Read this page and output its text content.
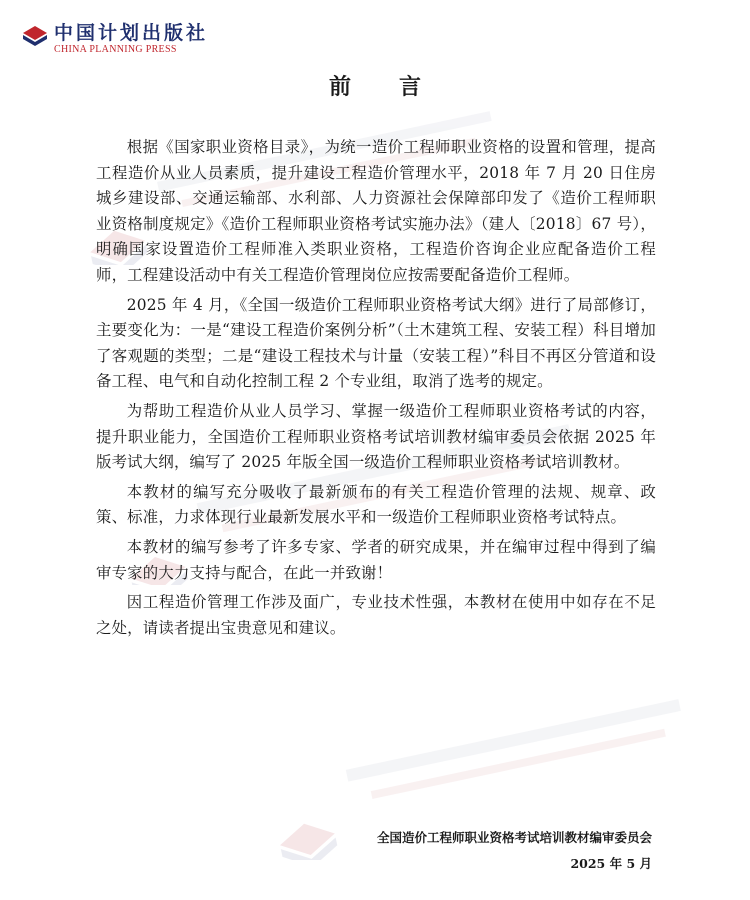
中国计划出版社
CHINA PLANNING PRESS
前言

根据《国家职业资格目录》，为统一造价工程师职业资格的设置和管理，提高工程造价从业人员素质，提升建设工程造价管理水平，2018 年 7 月 20 日住房城乡建设部、交通运输部、水利部、人力资源社会保障部印发了《造价工程师职业资格制度规定》《造价工程师职业资格考试实施办法》（建人〔2018〕67 号），明确国家设置造价工程师准入类职业资格，工程造价咨询企业应配备造价工程师，工程建设活动中有关工程造价管理岗位应按需要配备造价工程师。

2025 年 4 月，《全国一级造价工程师职业资格考试大纲》进行了局部修订，主要变化为：一是“建设工程造价案例分析”（土木建筑工程、安装工程）科目增加了客观题的类型；二是“建设工程技术与计量（安装工程）”科目不再区分管道和设备工程、电气和自动化控制工程 2 个专业组，取消了选考的规定。

为帮助工程造价从业人员学习、掌握一级造价工程师职业资格考试的内容，提升职业能力，全国造价工程师职业资格考试培训教材编审委员会依据 2025 年版考试大纲，编写了 2025 年版全国一级造价工程师职业资格考试培训教材。

本教材的编写充分吸收了最新颁布的有关工程造价管理的法规、规章、政策、标准，力求体现行业最新发展水平和一级造价工程师职业资格考试特点。

本教材的编写参考了许多专家、学者的研究成果，并在编审过程中得到了编审专家的大力支持与配合，在此一并致谢！

因工程造价管理工作涉及面广，专业技术性强，本教材在使用中如存在不足之处，请读者提出宝贵意见和建议。

全国造价工程师职业资格考试培训教材编审委员会
2025 年 5 月
